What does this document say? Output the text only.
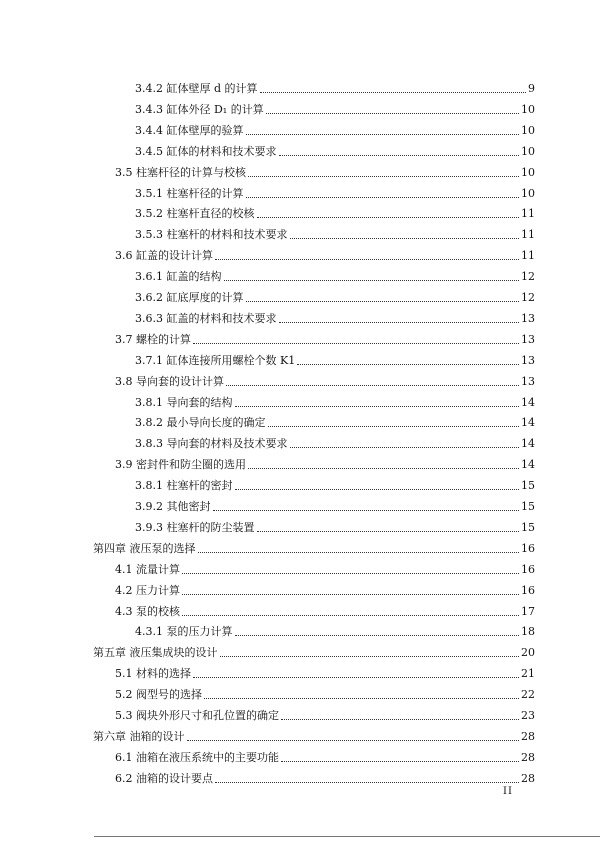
3.4.2 缸体壁厚 d 的计算	9
3.4.3 缸体外径 D₁ 的计算	10
3.4.4 缸体壁厚的验算	10
3.4.5 缸体的材料和技术要求	10
3.5 柱塞杆径的计算与校核	10
3.5.1 柱塞杆径的计算	10
3.5.2 柱塞杆直径的校核	11
3.5.3 柱塞杆的材料和技术要求	11
3.6 缸盖的设计计算	11
3.6.1 缸盖的结构	12
3.6.2 缸底厚度的计算	12
3.6.3 缸盖的材料和技术要求	13
3.7 螺栓的计算	13
3.7.1 缸体连接所用螺栓个数 K1	13
3.8 导向套的设计计算	13
3.8.1 导向套的结构	14
3.8.2 最小导向长度的确定	14
3.8.3 导向套的材料及技术要求	14
3.9 密封件和防尘圈的选用	14
3.8.1 柱塞杆的密封	15
3.9.2 其他密封	15
3.9.3 柱塞杆的防尘装置	15
第四章 液压泵的选择	16
4.1 流量计算	16
4.2 压力计算	16
4.3 泵的校核	17
4.3.1 泵的压力计算	18
第五章 液压集成块的设计	20
5.1 材料的选择	21
5.2 阀型号的选择	22
5.3 阀块外形尺寸和孔位置的确定	23
第六章 油箱的设计	28
6.1 油箱在液压系统中的主要功能	28
6.2 油箱的设计要点	28
II
